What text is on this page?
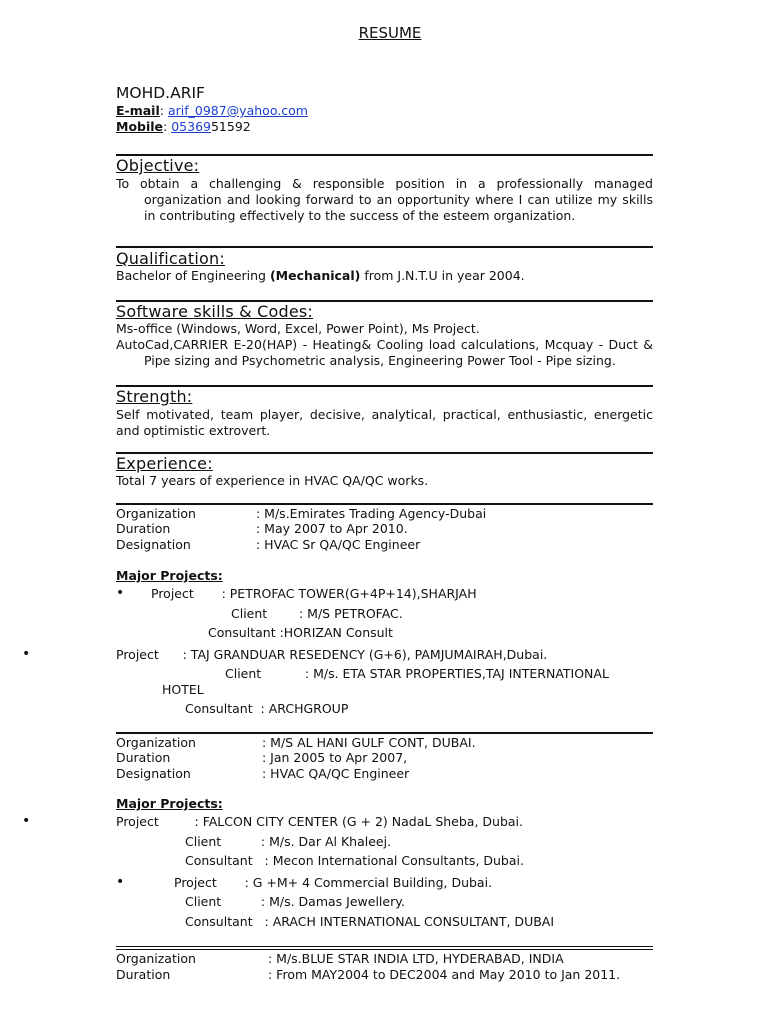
RESUME
MOHD.ARIF
E-mail: arif_0987@yahoo.com
Mobile: 0536951592
Objective:
To obtain a challenging & responsible position in a professionally managed organization and looking forward to an opportunity where I can utilize my skills in contributing effectively to the success of the esteem organization.
Qualification:
Bachelor of Engineering (Mechanical) from J.N.T.U in year 2004.
Software skills & Codes:
Ms-office (Windows, Word, Excel, Power Point), Ms Project.
AutoCad,CARRIER E-20(HAP) - Heating& Cooling load calculations, Mcquay - Duct & Pipe sizing and Psychometric analysis, Engineering Power Tool - Pipe sizing.
Strength:
Self motivated, team player, decisive, analytical, practical, enthusiastic, energetic and optimistic extrovert.
Experience:
Total 7 years of experience in HVAC QA/QC works.
Organization	: M/s.Emirates Trading Agency-Dubai
Duration	: May 2007 to Apr 2010.
Designation	: HVAC Sr QA/QC Engineer
Major Projects:
• Project       : PETROFAC TOWER(G+4P+14),SHARJAH
Client        : M/S PETROFAC.
Consultant :HORIZAN Consult
•	Project      : TAJ GRANDUAR RESEDENCY (G+6), PAMJUMAIRAH,Dubai.
Client           : M/s. ETA STAR PROPERTIES,TAJ INTERNATIONAL
HOTEL
Consultant  : ARCHGROUP
Organization	: M/S AL HANI GULF CONT, DUBAI.
Duration	: Jan 2005 to Apr 2007,
Designation	: HVAC QA/QC Engineer
Major Projects:
•	Project         : FALCON CITY CENTER (G + 2) NadaL Sheba, Dubai.
Client          : M/s. Dar Al Khaleej.
Consultant   : Mecon International Consultants, Dubai.
•	Project       : G +M+ 4 Commercial Building, Dubai.
Client          : M/s. Damas Jewellery.
Consultant   : ARACH INTERNATIONAL CONSULTANT, DUBAI
Organization	: M/s.BLUE STAR INDIA LTD, HYDERABAD, INDIA
Duration	: From MAY2004 to DEC2004 and May 2010 to Jan 2011.
